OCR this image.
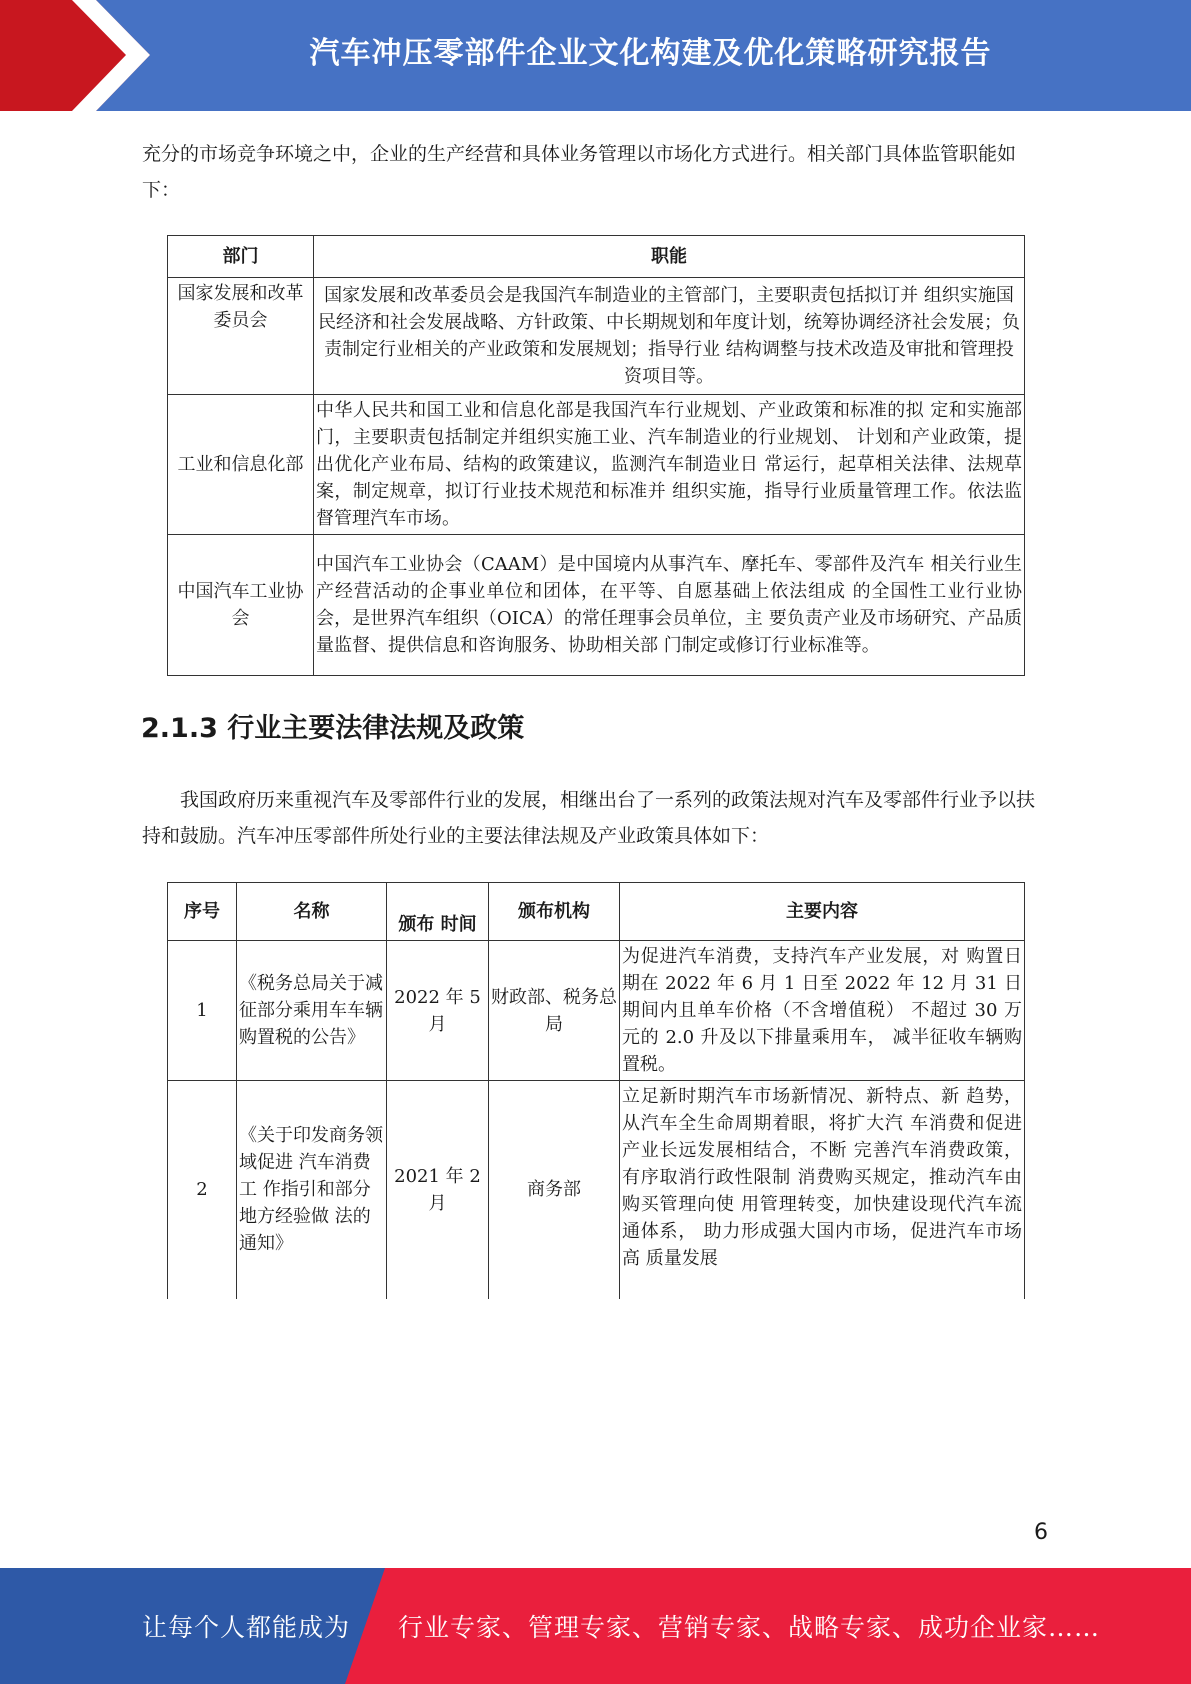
汽车冲压零部件企业文化构建及优化策略研究报告

充分的市场竞争环境之中，企业的生产经营和具体业务管理以市场化方式进行。相关部门具体监管职能如下：

部门	职能
国家发展和改革委员会	国家发展和改革委员会是我国汽车制造业的主管部门，主要职责包括拟订并 组织实施国民经济和社会发展战略、方针政策、中长期规划和年度计划，统筹协调经济社会发展；负责制定行业相关的产业政策和发展规划；指导行业 结构调整与技术改造及审批和管理投资项目等。
工业和信息化部	中华人民共和国工业和信息化部是我国汽车行业规划、产业政策和标准的拟 定和实施部门，主要职责包括制定并组织实施工业、汽车制造业的行业规划、 计划和产业政策，提出优化产业布局、结构的政策建议，监测汽车制造业日 常运行，起草相关法律、法规草案，制定规章，拟订行业技术规范和标准并 组织实施，指导行业质量管理工作。依法监督管理汽车市场。
中国汽车工业协会	中国汽车工业协会（CAAM）是中国境内从事汽车、摩托车、零部件及汽车 相关行业生产经营活动的企事业单位和团体，在平等、自愿基础上依法组成 的全国性工业行业协会，是世界汽车组织（OICA）的常任理事会员单位，主 要负责产业及市场研究、产品质量监督、提供信息和咨询服务、协助相关部 门制定或修订行业标准等。
2.1.3 行业主要法律法规及政策

我国政府历来重视汽车及零部件行业的发展，相继出台了一系列的政策法规对汽车及零部件行业予以扶持和鼓励。汽车冲压零部件所处行业的主要法律法规及产业政策具体如下：

序号	名称	颁布 时间	颁布机构	主要内容
1	《税务总局关于减征部分乘用车车辆购置税的公告》	2022 年 5 月	财政部、税务总局	为促进汽车消费，支持汽车产业发展，对 购置日期在 2022 年 6 月 1 日至 2022 年 12 月 31 日期间内且单车价格（不含增值税） 不超过 30 万元的 2.0 升及以下排量乘用车， 减半征收车辆购置税。
2	《关于印发商务领域促进 汽车消费工 作指引和部分 地方经验做 法的通知》	2021 年 2 月	商务部	立足新时期汽车市场新情况、新特点、新 趋势，从汽车全生命周期着眼，将扩大汽 车消费和促进产业长远发展相结合，不断 完善汽车消费政策，有序取消行政性限制 消费购买规定，推动汽车由购买管理向使 用管理转变，加快建设现代汽车流通体系， 助力形成强大国内市场，促进汽车市场高 质量发展
6
让每个人都能成为 行业专家、管理专家、营销专家、战略专家、成功企业家……
